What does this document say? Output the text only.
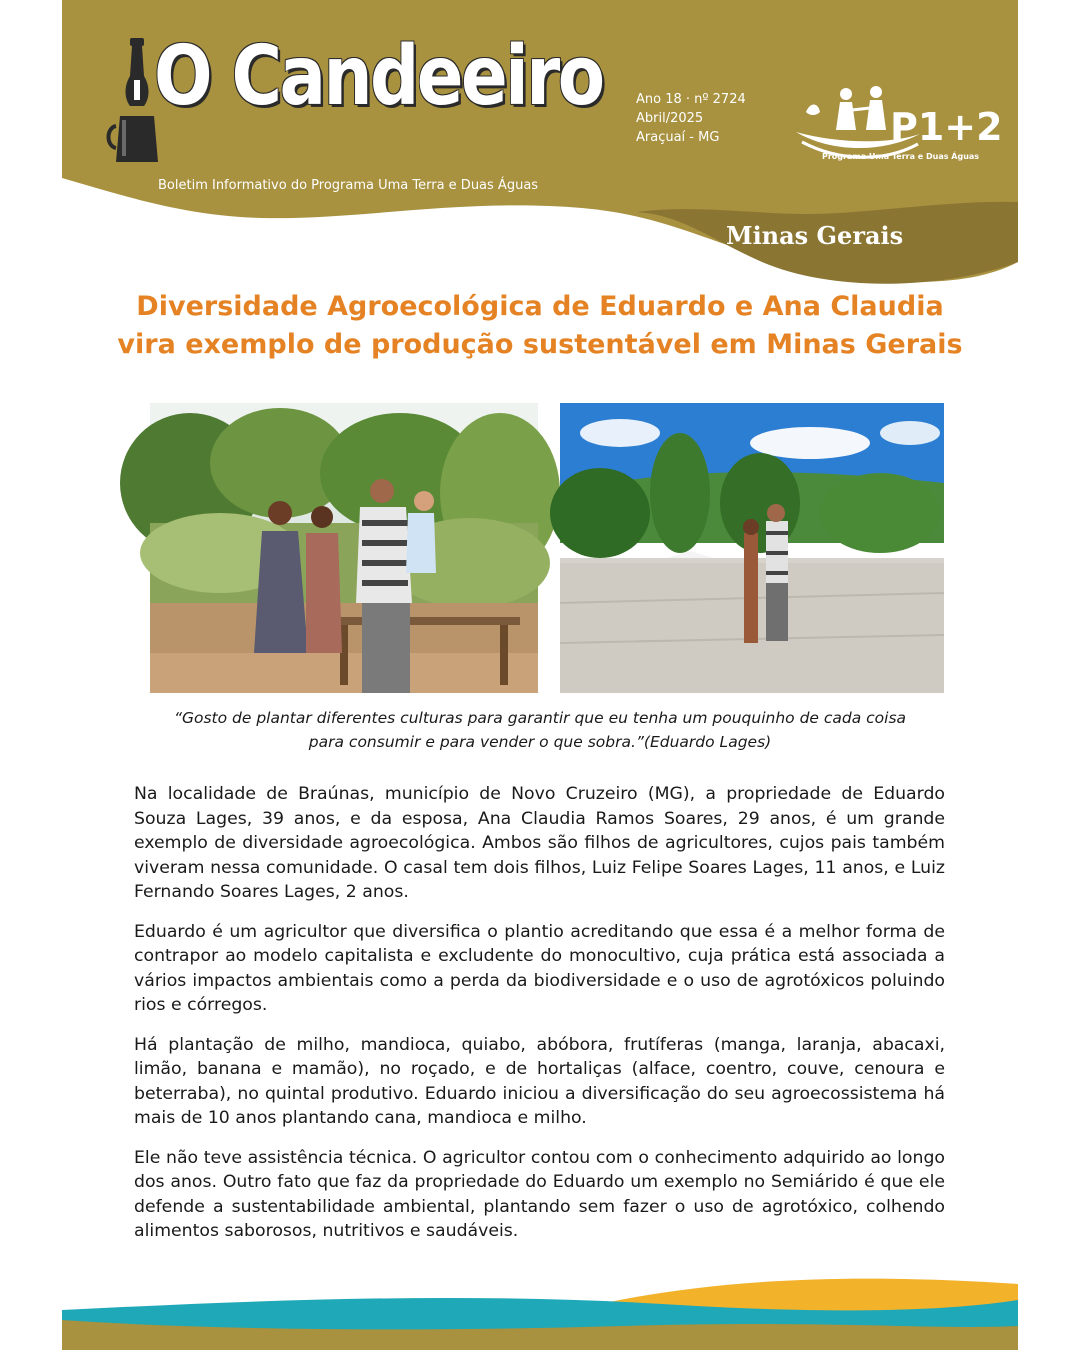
O Candeeiro
Boletim Informativo do Programa Uma Terra e Duas Águas
Ano 18 · nº 2724
Abril/2025
Araçuaí - MG	P1+2
Programa Uma Terra e Duas Águas
Minas Gerais
Diversidade Agroecológica de Eduardo e Ana Claudia
vira exemplo de produção sustentável em Minas Gerais
“Gosto de plantar diferentes culturas para garantir que eu tenha um pouquinho de cada coisa
para consumir e para vender o que sobra.”(Eduardo Lages)

Na localidade de Braúnas, município de Novo Cruzeiro (MG), a propriedade de Eduardo Souza Lages, 39 anos, e da esposa, Ana Claudia Ramos Soares, 29 anos, é um grande exemplo de diversidade agroecológica. Ambos são filhos de agricultores, cujos pais também viveram nessa comunidade. O casal tem dois filhos, Luiz Felipe Soares Lages, 11 anos, e Luiz Fernando Soares Lages, 2 anos.

Eduardo é um agricultor que diversifica o plantio acreditando que essa é a melhor forma de contrapor ao modelo capitalista e excludente do monocultivo, cuja prática está associada a vários impactos ambientais como a perda da biodiversidade e o uso de agrotóxicos poluindo rios e córregos.

Há plantação de milho, mandioca, quiabo, abóbora, frutíferas (manga, laranja, abacaxi, limão, banana e mamão), no roçado, e de hortaliças (alface, coentro, couve, cenoura e beterraba), no quintal produtivo. Eduardo iniciou a diversificação do seu agroecossistema há mais de 10 anos plantando cana, mandioca e milho.

Ele não teve assistência técnica. O agricultor contou com o conhecimento adquirido ao longo dos anos. Outro fato que faz da propriedade do Eduardo um exemplo no Semiárido é que ele defende a sustentabilidade ambiental, plantando sem fazer o uso de agrotóxico, colhendo alimentos saborosos, nutritivos e saudáveis.
